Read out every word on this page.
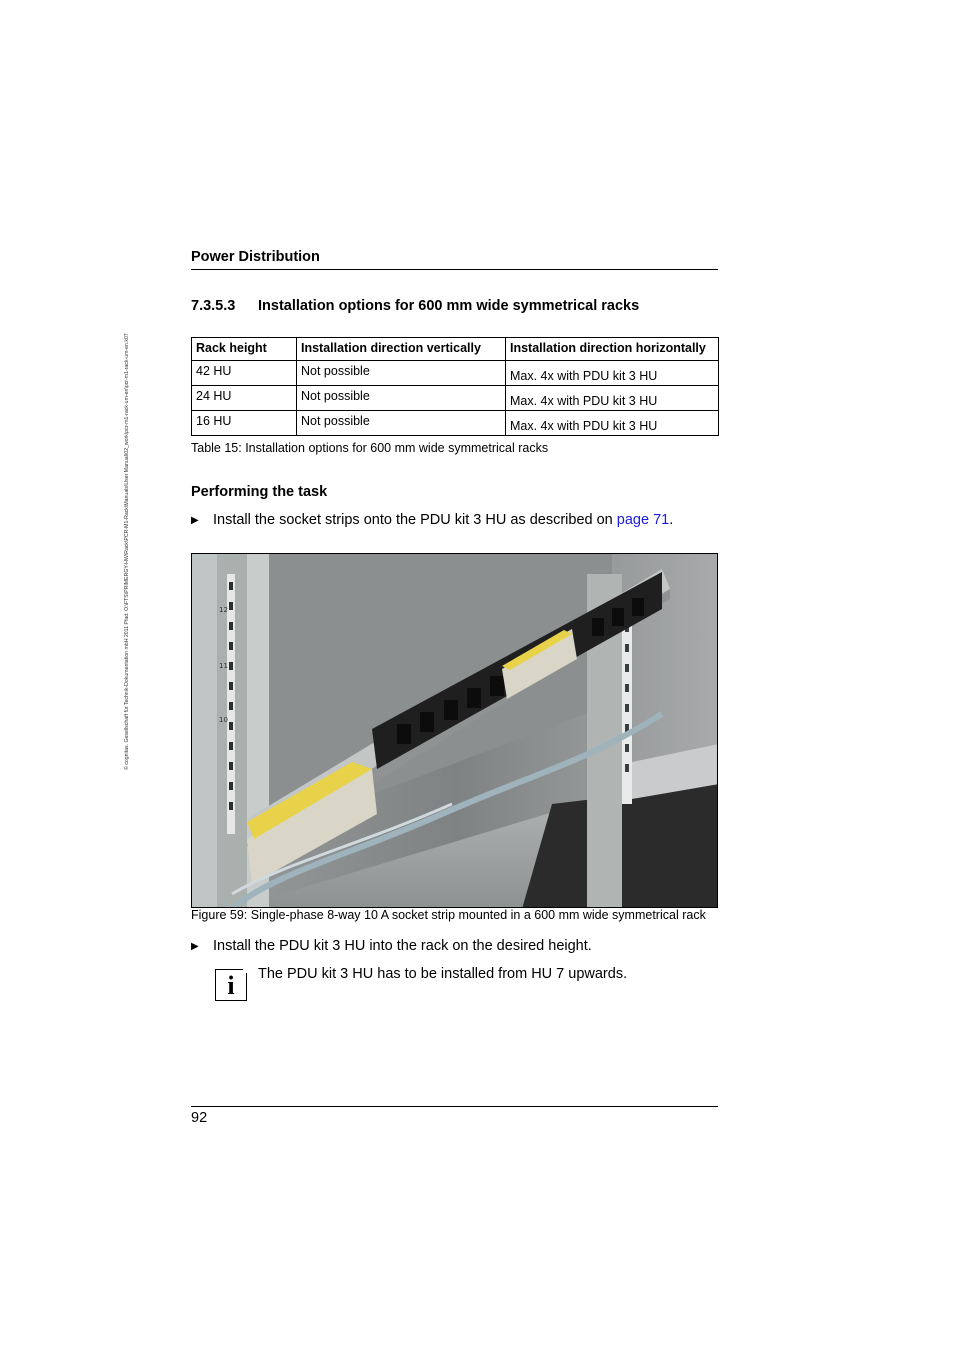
© cognitas. Gesellschaft für Technik-Dokumentation mbH 2011 Pfad: O:\FTS\PRIMERGY-HW\Rack\PCR-M1-Rack\Manuals\User Manual\02_work\pcr-m1-rack-um-en\pcr-m1-rack-um-en.k07
Power Distribution
7.3.5.3 Installation options for 600 mm wide symmetrical racks
Rack height	Installation direction vertically	Installation direction horizontally
42 HU	Not possible	Max. 4x with PDU kit 3 HU
24 HU	Not possible	Max. 4x with PDU kit 3 HU
16 HU	Not possible	Max. 4x with PDU kit 3 HU
Table 15: Installation options for 600 mm wide symmetrical racks
Performing the task
▶ Install the socket strips onto the PDU kit 3 HU as described on page 71.
12
11
10
Figure 59: Single-phase 8-way 10 A socket strip mounted in a 600 mm wide symmetrical rack
▶ Install the PDU kit 3 HU into the rack on the desired height.
i	The PDU kit 3 HU has to be installed from HU 7 upwards.
92
